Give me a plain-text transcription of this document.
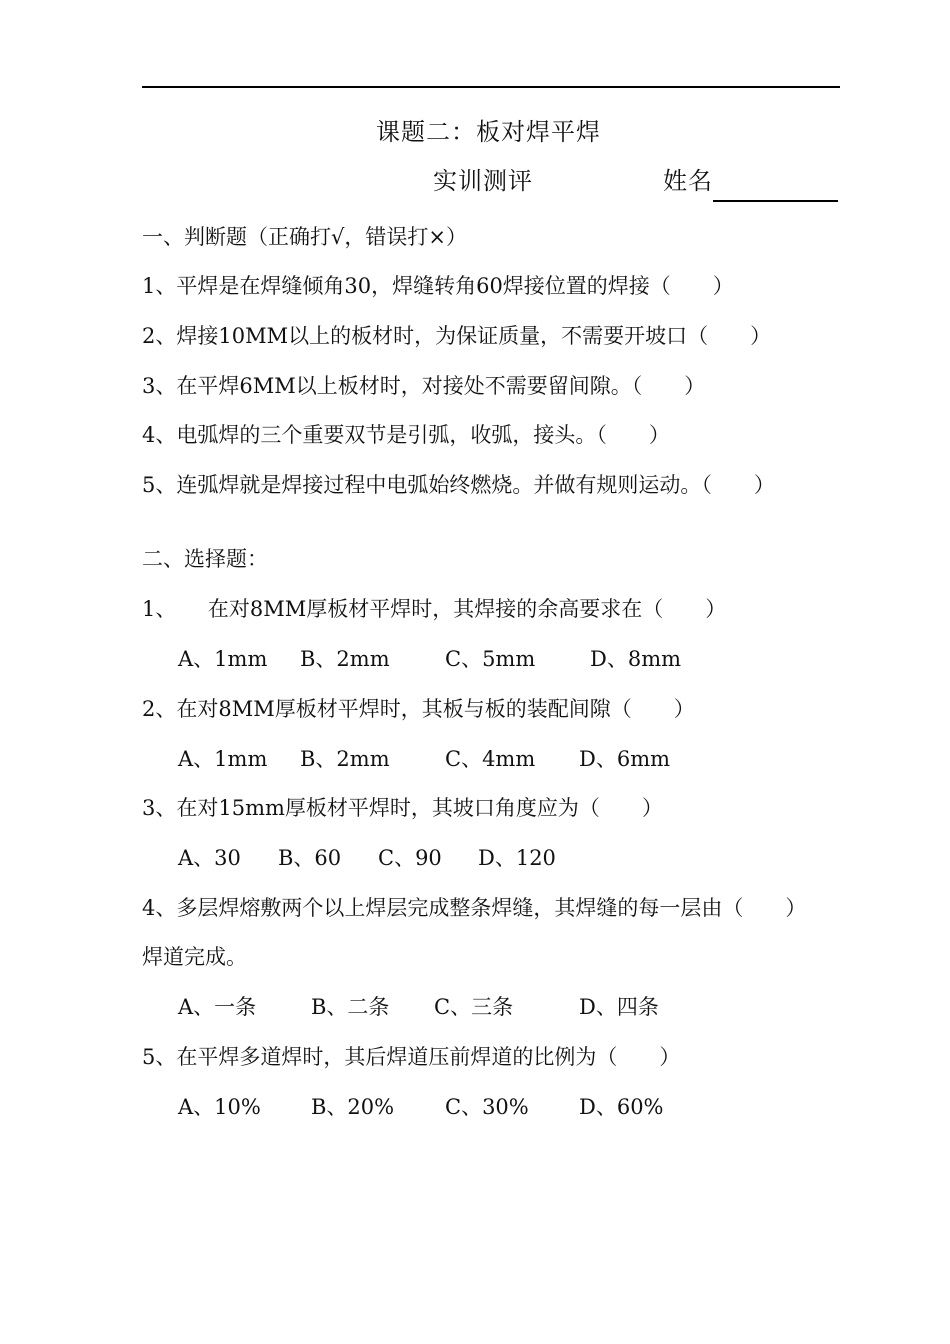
课题二：板对焊平焊
实训测评	姓名
一、判断题（正确打√，错误打×）
1、平焊是在焊缝倾角30，焊缝转角60焊接位置的焊接（　　）
2、焊接10MM以上的板材时，为保证质量，不需要开坡口（　　）
3、在平焊6MM以上板材时，对接处不需要留间隙。（　　）
4、电弧焊的三个重要双节是引弧，收弧，接头。（　　）
5、连弧焊就是焊接过程中电弧始终燃烧。并做有规则运动。（　　）
二、选择题：
1、　　在对8MM厚板材平焊时，其焊接的余高要求在（　　）
A、1mm B、2mm	C、5mm	D、8mm
2、在对8MM厚板材平焊时，其板与板的装配间隙（　　）
A、1mm B、2mm	C、4mm D、6mm
3、在对15mm厚板材平焊时，其坡口角度应为（　　）
A、30 B、60 C、90 D、120
4、多层焊熔敷两个以上焊层完成整条焊缝，其焊缝的每一层由（　　）
焊道完成。
A、一条	B、二条 C、三条	D、四条
5、在平焊多道焊时，其后焊道压前焊道的比例为（　　）
A、10% B、20% C、30% D、60%
